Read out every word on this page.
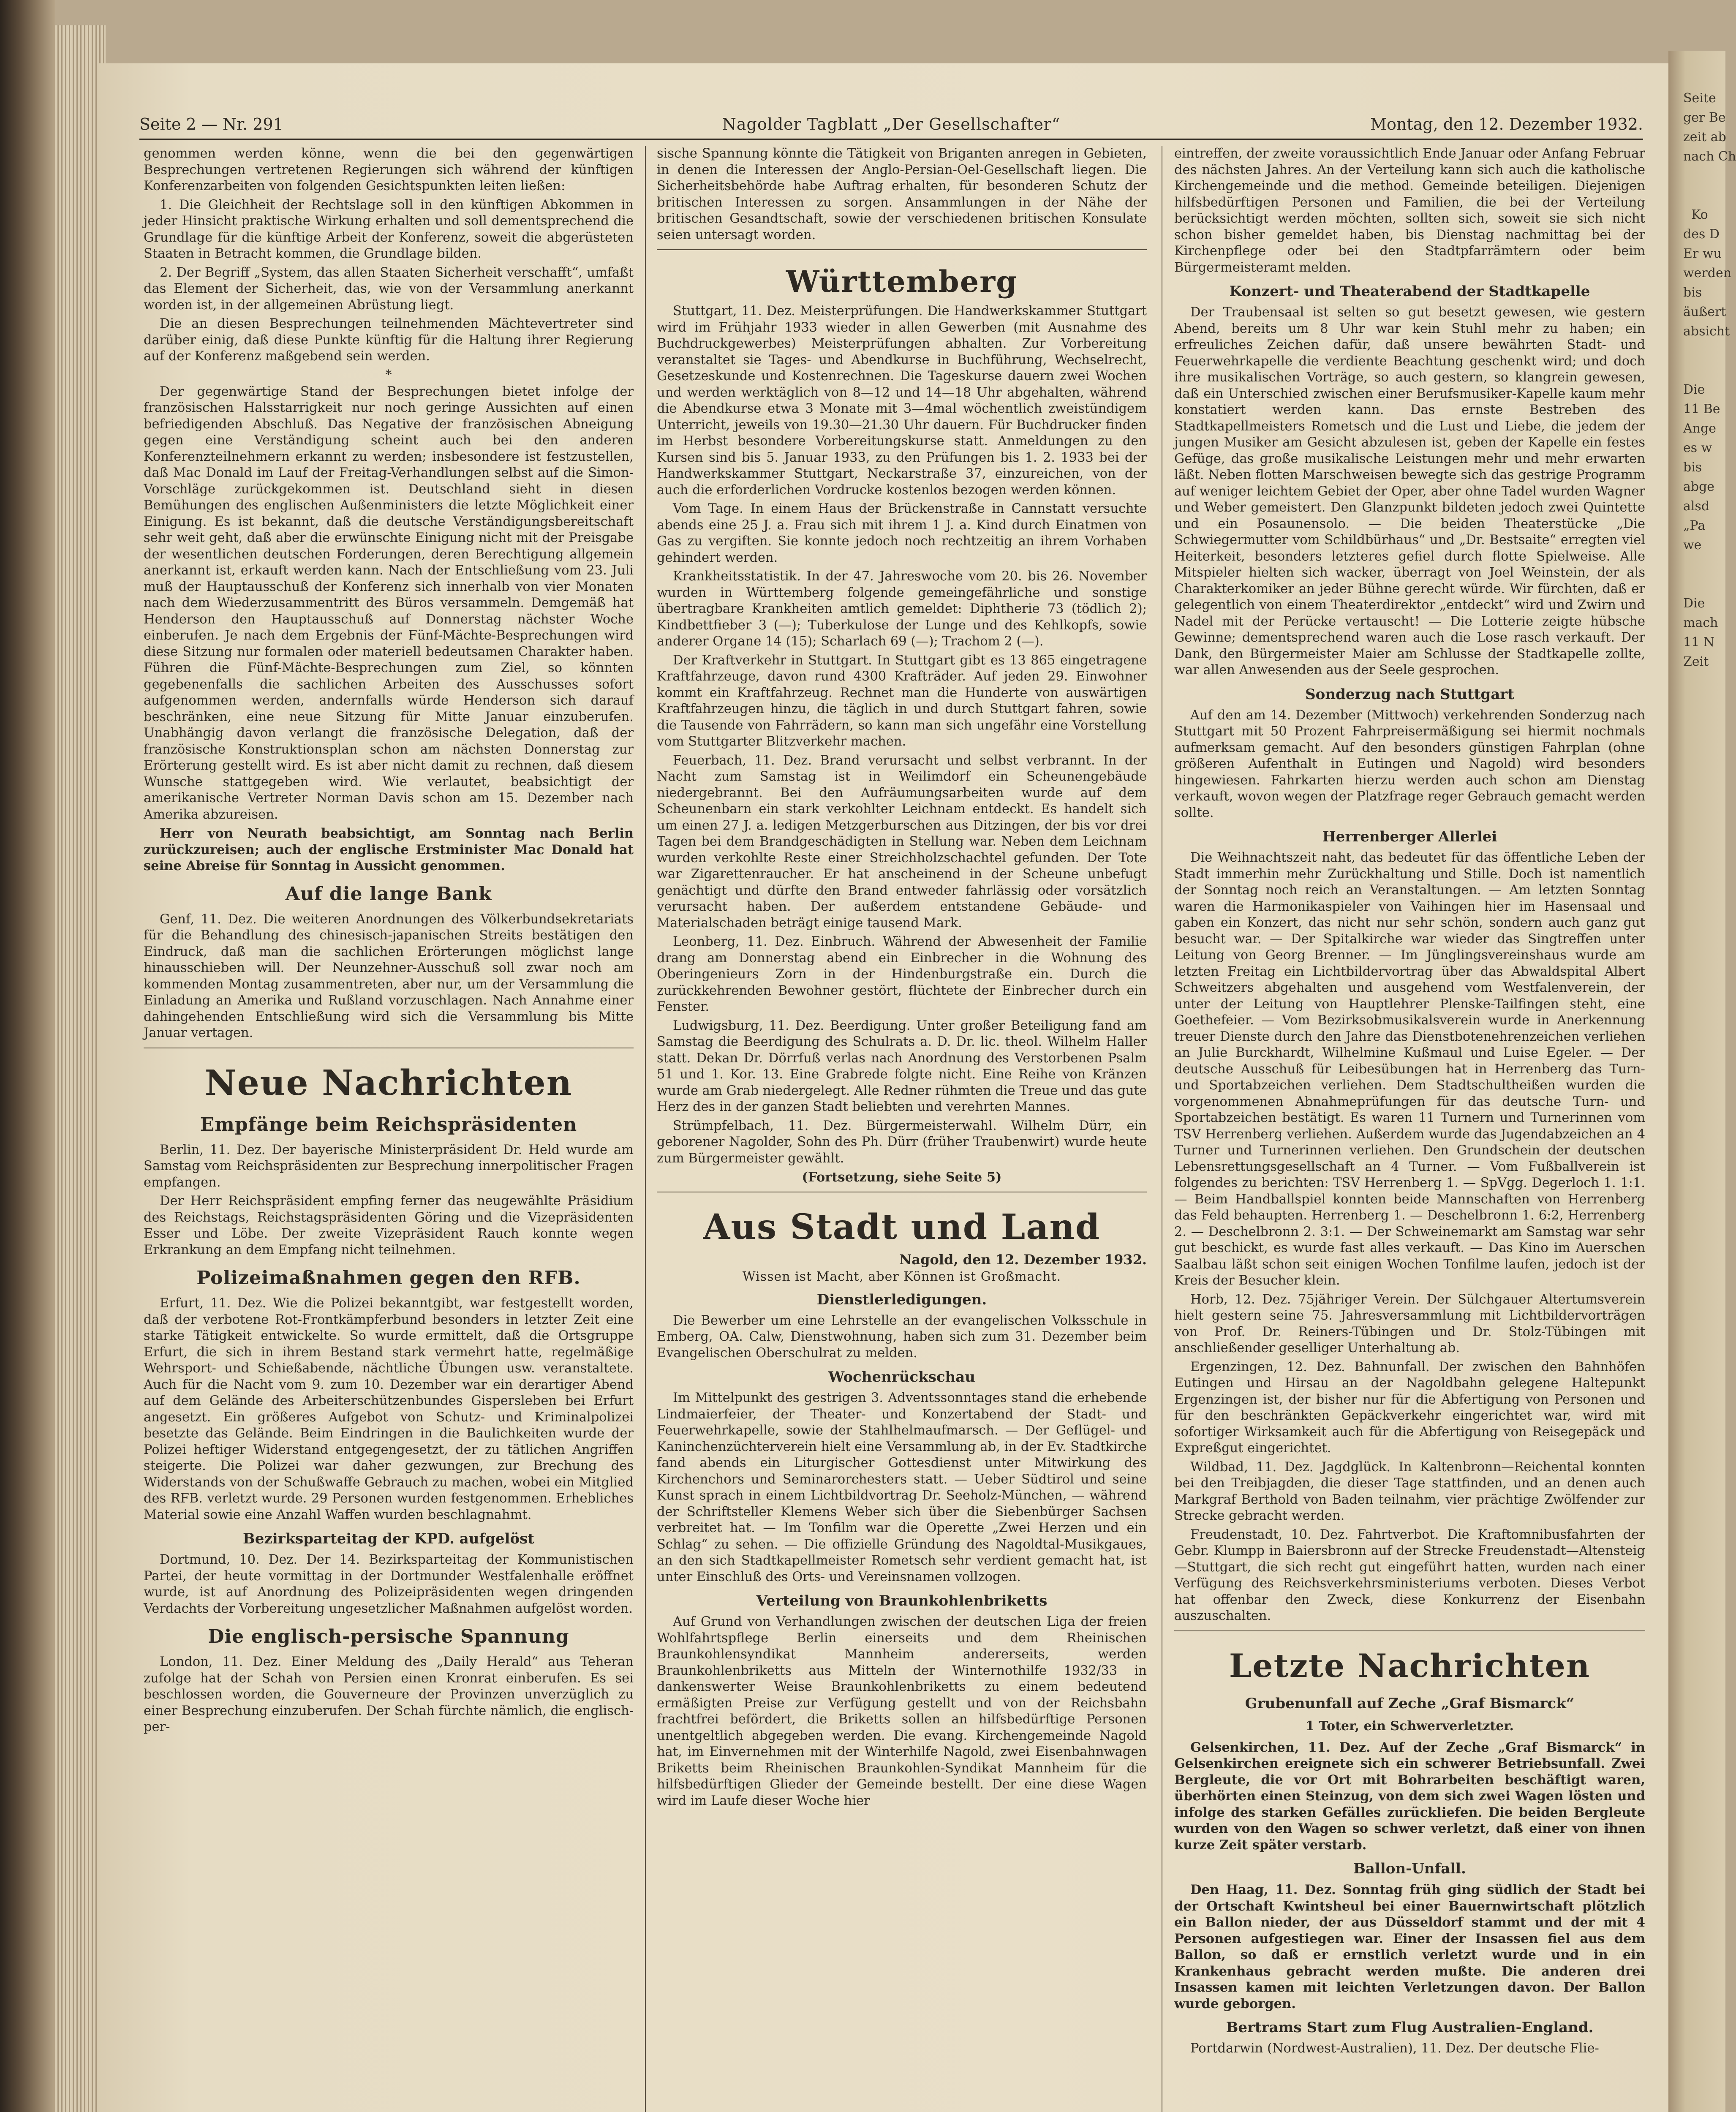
Seite
ger Be
zeit ab
nach Ch

Ko
des D
Er wu
werden
bis
äußert
absicht

Die
11 Be
Ange
es w
bis
abge
alsd
„Pa
we

Die
mach
11 N
Zeit
Nagolder Tagblatt „Der Gesellschafter“
Seite 2 — Nr. 291	Montag, den 12. Dezember 1932.

genommen werden könne, wenn die bei den gegenwärtigen Besprechungen vertretenen Regierungen sich während der künftigen Konferenzarbeiten von folgenden Gesichtspunkten leiten ließen:

1. Die Gleichheit der Rechtslage soll in den künftigen Abkommen in jeder Hinsicht praktische Wirkung erhalten und soll dementsprechend die Grundlage für die künftige Arbeit der Konferenz, soweit die abgerüsteten Staaten in Betracht kommen, die Grundlage bilden.

2. Der Begriff „System, das allen Staaten Sicherheit verschafft“, umfaßt das Element der Sicherheit, das, wie von der Versammlung anerkannt worden ist, in der allgemeinen Abrüstung liegt.

Die an diesen Besprechungen teilnehmenden Mächtevertreter sind darüber einig, daß diese Punkte künftig für die Haltung ihrer Regierung auf der Konferenz maßgebend sein werden.

*

Der gegenwärtige Stand der Besprechungen bietet infolge der französischen Halsstarrigkeit nur noch geringe Aussichten auf einen befriedigenden Abschluß. Das Negative der französischen Abneigung gegen eine Verständigung scheint auch bei den anderen Konferenzteilnehmern erkannt zu werden; insbesondere ist festzustellen, daß Mac Donald im Lauf der Freitag-Verhandlungen selbst auf die Simon-Vorschläge zurückgekommen ist. Deutschland sieht in diesen Bemühungen des englischen Außenministers die letzte Möglichkeit einer Einigung. Es ist bekannt, daß die deutsche Verständigungsbereitschaft sehr weit geht, daß aber die erwünschte Einigung nicht mit der Preisgabe der wesentlichen deutschen Forderungen, deren Berechtigung allgemein anerkannt ist, erkauft werden kann. Nach der Entschließung vom 23. Juli muß der Hauptausschuß der Konferenz sich innerhalb von vier Monaten nach dem Wiederzusammentritt des Büros versammeln. Demgemäß hat Henderson den Hauptausschuß auf Donnerstag nächster Woche einberufen. Je nach dem Ergebnis der Fünf-Mächte-Besprechungen wird diese Sitzung nur formalen oder materiell bedeutsamen Charakter haben. Führen die Fünf-Mächte-Besprechungen zum Ziel, so könnten gegebenenfalls die sachlichen Arbeiten des Ausschusses sofort aufgenommen werden, andernfalls würde Henderson sich darauf beschränken, eine neue Sitzung für Mitte Januar einzuberufen. Unabhängig davon verlangt die französische Delegation, daß der französische Konstruktionsplan schon am nächsten Donnerstag zur Erörterung gestellt wird. Es ist aber nicht damit zu rechnen, daß diesem Wunsche stattgegeben wird. Wie verlautet, beabsichtigt der amerikanische Vertreter Norman Davis schon am 15. Dezember nach Amerika abzureisen.

Herr von Neurath beabsichtigt, am Sonntag nach Berlin zurückzureisen; auch der englische Erstminister Mac Donald hat seine Abreise für Sonntag in Aussicht genommen.

Auf die lange Bank

Genf, 11. Dez. Die weiteren Anordnungen des Völkerbundsekretariats für die Behandlung des chinesisch-japanischen Streits bestätigen den Eindruck, daß man die sachlichen Erörterungen möglichst lange hinausschieben will. Der Neunzehner-Ausschuß soll zwar noch am kommenden Montag zusammentreten, aber nur, um der Versammlung die Einladung an Amerika und Rußland vorzuschlagen. Nach Annahme einer dahingehenden Entschließung wird sich die Versammlung bis Mitte Januar vertagen.

Neue Nachrichten
Empfänge beim Reichspräsidenten

Berlin, 11. Dez. Der bayerische Ministerpräsident Dr. Held wurde am Samstag vom Reichspräsidenten zur Besprechung innerpolitischer Fragen empfangen.

Der Herr Reichspräsident empfing ferner das neugewählte Präsidium des Reichstags, Reichstagspräsidenten Göring und die Vizepräsidenten Esser und Löbe. Der zweite Vizepräsident Rauch konnte wegen Erkrankung an dem Empfang nicht teilnehmen.

Polizeimaßnahmen gegen den RFB.

Erfurt, 11. Dez. Wie die Polizei bekanntgibt, war festgestellt worden, daß der verbotene Rot-Frontkämpferbund besonders in letzter Zeit eine starke Tätigkeit entwickelte. So wurde ermittelt, daß die Ortsgruppe Erfurt, die sich in ihrem Bestand stark vermehrt hatte, regelmäßige Wehrsport- und Schießabende, nächtliche Übungen usw. veranstaltete. Auch für die Nacht vom 9. zum 10. Dezember war ein derartiger Abend auf dem Gelände des Arbeiterschützenbundes Gispersleben bei Erfurt angesetzt. Ein größeres Aufgebot von Schutz- und Kriminalpolizei besetzte das Gelände. Beim Eindringen in die Baulichkeiten wurde der Polizei heftiger Widerstand entgegengesetzt, der zu tätlichen Angriffen steigerte. Die Polizei war daher gezwungen, zur Brechung des Widerstands von der Schußwaffe Gebrauch zu machen, wobei ein Mitglied des RFB. verletzt wurde. 29 Personen wurden festgenommen. Erhebliches Material sowie eine Anzahl Waffen wurden beschlagnahmt.

Bezirksparteitag der KPD. aufgelöst

Dortmund, 10. Dez. Der 14. Bezirksparteitag der Kommunistischen Partei, der heute vormittag in der Dortmunder Westfalenhalle eröffnet wurde, ist auf Anordnung des Polizeipräsidenten wegen dringenden Verdachts der Vorbereitung ungesetzlicher Maßnahmen aufgelöst worden.

Die englisch-persische Spannung

London, 11. Dez. Einer Meldung des „Daily Herald“ aus Teheran zufolge hat der Schah von Persien einen Kronrat einberufen. Es sei beschlossen worden, die Gouverneure der Provinzen unverzüglich zu einer Besprechung einzuberufen. Der Schah fürchte nämlich, die englisch-per-

sische Spannung könnte die Tätigkeit von Briganten anregen in Gebieten, in denen die Interessen der Anglo-Persian-Oel-Gesellschaft liegen. Die Sicherheitsbehörde habe Auftrag erhalten, für besonderen Schutz der britischen Interessen zu sorgen. Ansammlungen in der Nähe der britischen Gesandtschaft, sowie der verschiedenen britischen Konsulate seien untersagt worden.

Württemberg

Stuttgart, 11. Dez. Meisterprüfungen. Die Handwerkskammer Stuttgart wird im Frühjahr 1933 wieder in allen Gewerben (mit Ausnahme des Buchdruckgewerbes) Meisterprüfungen abhalten. Zur Vorbereitung veranstaltet sie Tages- und Abendkurse in Buchführung, Wechselrecht, Gesetzeskunde und Kostenrechnen. Die Tageskurse dauern zwei Wochen und werden werktäglich von 8—12 und 14—18 Uhr abgehalten, während die Abendkurse etwa 3 Monate mit 3—4mal wöchentlich zweistündigem Unterricht, jeweils von 19.30—21.30 Uhr dauern. Für Buchdrucker finden im Herbst besondere Vorbereitungskurse statt. Anmeldungen zu den Kursen sind bis 5. Januar 1933, zu den Prüfungen bis 1. 2. 1933 bei der Handwerkskammer Stuttgart, Neckarstraße 37, einzureichen, von der auch die erforderlichen Vordrucke kostenlos bezogen werden können.

Vom Tage. In einem Haus der Brückenstraße in Cannstatt versuchte abends eine 25 J. a. Frau sich mit ihrem 1 J. a. Kind durch Einatmen von Gas zu vergiften. Sie konnte jedoch noch rechtzeitig an ihrem Vorhaben gehindert werden.

Krankheitsstatistik. In der 47. Jahreswoche vom 20. bis 26. November wurden in Württemberg folgende gemeingefährliche und sonstige übertragbare Krankheiten amtlich gemeldet: Diphtherie 73 (tödlich 2); Kindbettfieber 3 (—); Tuberkulose der Lunge und des Kehlkopfs, sowie anderer Organe 14 (15); Scharlach 69 (—); Trachom 2 (—).

Der Kraftverkehr in Stuttgart. In Stuttgart gibt es 13 865 eingetragene Kraftfahrzeuge, davon rund 4300 Krafträder. Auf jeden 29. Einwohner kommt ein Kraftfahrzeug. Rechnet man die Hunderte von auswärtigen Kraftfahrzeugen hinzu, die täglich in und durch Stuttgart fahren, sowie die Tausende von Fahrrädern, so kann man sich ungefähr eine Vorstellung vom Stuttgarter Blitzverkehr machen.

Feuerbach, 11. Dez. Brand verursacht und selbst verbrannt. In der Nacht zum Samstag ist in Weilimdorf ein Scheunengebäude niedergebrannt. Bei den Aufräumungsarbeiten wurde auf dem Scheunenbarn ein stark verkohlter Leichnam entdeckt. Es handelt sich um einen 27 J. a. ledigen Metzgerburschen aus Ditzingen, der bis vor drei Tagen bei dem Brandgeschädigten in Stellung war. Neben dem Leichnam wurden verkohlte Reste einer Streichholzschachtel gefunden. Der Tote war Zigarettenraucher. Er hat anscheinend in der Scheune unbefugt genächtigt und dürfte den Brand entweder fahrlässig oder vorsätzlich verursacht haben. Der außerdem entstandene Gebäude- und Materialschaden beträgt einige tausend Mark.

Leonberg, 11. Dez. Einbruch. Während der Abwesenheit der Familie drang am Donnerstag abend ein Einbrecher in die Wohnung des Oberingenieurs Zorn in der Hindenburgstraße ein. Durch die zurückkehrenden Bewohner gestört, flüchtete der Einbrecher durch ein Fenster.

Ludwigsburg, 11. Dez. Beerdigung. Unter großer Beteiligung fand am Samstag die Beerdigung des Schulrats a. D. Dr. lic. theol. Wilhelm Haller statt. Dekan Dr. Dörrfuß verlas nach Anordnung des Verstorbenen Psalm 51 und 1. Kor. 13. Eine Grabrede folgte nicht. Eine Reihe von Kränzen wurde am Grab niedergelegt. Alle Redner rühmten die Treue und das gute Herz des in der ganzen Stadt beliebten und verehrten Mannes.

Strümpfelbach, 11. Dez. Bürgermeisterwahl. Wilhelm Dürr, ein geborener Nagolder, Sohn des Ph. Dürr (früher Traubenwirt) wurde heute zum Bürgermeister gewählt.

(Fortsetzung, siehe Seite 5)

Aus Stadt und Land
Nagold, den 12. Dezember 1932.
Wissen ist Macht, aber Können ist Großmacht.
Dienstlerledigungen.

Die Bewerber um eine Lehrstelle an der evangelischen Volksschule in Emberg, OA. Calw, Dienstwohnung, haben sich zum 31. Dezember beim Evangelischen Oberschulrat zu melden.

Wochenrückschau

Im Mittelpunkt des gestrigen 3. Adventssonntages stand die erhebende Lindmaierfeier, der Theater- und Konzertabend der Stadt- und Feuerwehrkapelle, sowie der Stahlhelmaufmarsch. — Der Geflügel- und Kaninchenzüchterverein hielt eine Versammlung ab, in der Ev. Stadtkirche fand abends ein Liturgischer Gottesdienst unter Mitwirkung des Kirchenchors und Seminarorchesters statt. — Ueber Südtirol und seine Kunst sprach in einem Lichtbildvortrag Dr. Seeholz-München, — während der Schriftsteller Klemens Weber sich über die Siebenbürger Sachsen verbreitet hat. — Im Tonfilm war die Operette „Zwei Herzen und ein Schlag“ zu sehen. — Die offizielle Gründung des Nagoldtal-Musikgaues, an den sich Stadtkapellmeister Rometsch sehr verdient gemacht hat, ist unter Einschluß des Orts- und Vereinsnamen vollzogen.

Verteilung von Braunkohlenbriketts

Auf Grund von Verhandlungen zwischen der deutschen Liga der freien Wohlfahrtspflege Berlin einerseits und dem Rheinischen Braunkohlensyndikat Mannheim andererseits, werden Braunkohlenbriketts aus Mitteln der Winternothilfe 1932/33 in dankenswerter Weise Braunkohlenbriketts zu einem bedeutend ermäßigten Preise zur Verfügung gestellt und von der Reichsbahn frachtfrei befördert, die Briketts sollen an hilfsbedürftige Personen unentgeltlich abgegeben werden. Die evang. Kirchengemeinde Nagold hat, im Einvernehmen mit der Winterhilfe Nagold, zwei Eisenbahnwagen Briketts beim Rheinischen Braunkohlen-Syndikat Mannheim für die hilfsbedürftigen Glieder der Gemeinde bestellt. Der eine diese Wagen wird im Laufe dieser Woche hier

eintreffen, der zweite voraussichtlich Ende Januar oder Anfang Februar des nächsten Jahres. An der Verteilung kann sich auch die katholische Kirchengemeinde und die method. Gemeinde beteiligen. Diejenigen hilfsbedürftigen Personen und Familien, die bei der Verteilung berücksichtigt werden möchten, sollten sich, soweit sie sich nicht schon bisher gemeldet haben, bis Dienstag nachmittag bei der Kirchenpflege oder bei den Stadtpfarrämtern oder beim Bürgermeisteramt melden.

Konzert- und Theaterabend der Stadtkapelle

Der Traubensaal ist selten so gut besetzt gewesen, wie gestern Abend, bereits um 8 Uhr war kein Stuhl mehr zu haben; ein erfreuliches Zeichen dafür, daß unsere bewährten Stadt- und Feuerwehrkapelle die verdiente Beachtung geschenkt wird; und doch ihre musikalischen Vorträge, so auch gestern, so klangrein gewesen, daß ein Unterschied zwischen einer Berufsmusiker-Kapelle kaum mehr konstatiert werden kann. Das ernste Bestreben des Stadtkapellmeisters Rometsch und die Lust und Liebe, die jedem der jungen Musiker am Gesicht abzulesen ist, geben der Kapelle ein festes Gefüge, das große musikalische Leistungen mehr und mehr erwarten läßt. Neben flotten Marschweisen bewegte sich das gestrige Programm auf weniger leichtem Gebiet der Oper, aber ohne Tadel wurden Wagner und Weber gemeistert. Den Glanzpunkt bildeten jedoch zwei Quintette und ein Posaunensolo. — Die beiden Theaterstücke „Die Schwiegermutter vom Schildbürhaus“ und „Dr. Bestsaite“ erregten viel Heiterkeit, besonders letzteres gefiel durch flotte Spielweise. Alle Mitspieler hielten sich wacker, überragt von Joel Weinstein, der als Charakterkomiker an jeder Bühne gerecht würde. Wir fürchten, daß er gelegentlich von einem Theaterdirektor „entdeckt“ wird und Zwirn und Nadel mit der Perücke vertauscht! — Die Lotterie zeigte hübsche Gewinne; dementsprechend waren auch die Lose rasch verkauft. Der Dank, den Bürgermeister Maier am Schlusse der Stadtkapelle zollte, war allen Anwesenden aus der Seele gesprochen.

Sonderzug nach Stuttgart

Auf den am 14. Dezember (Mittwoch) verkehrenden Sonderzug nach Stuttgart mit 50 Prozent Fahrpreisermäßigung sei hiermit nochmals aufmerksam gemacht. Auf den besonders günstigen Fahrplan (ohne größeren Aufenthalt in Eutingen und Nagold) wird besonders hingewiesen. Fahrkarten hierzu werden auch schon am Dienstag verkauft, wovon wegen der Platzfrage reger Gebrauch gemacht werden sollte.

Herrenberger Allerlei

Die Weihnachtszeit naht, das bedeutet für das öffentliche Leben der Stadt immerhin mehr Zurückhaltung und Stille. Doch ist namentlich der Sonntag noch reich an Veranstaltungen. — Am letzten Sonntag waren die Harmonikaspieler von Vaihingen hier im Hasensaal und gaben ein Konzert, das nicht nur sehr schön, sondern auch ganz gut besucht war. — Der Spitalkirche war wieder das Singtreffen unter Leitung von Georg Brenner. — Im Jünglingsvereinshaus wurde am letzten Freitag ein Lichtbildervortrag über das Abwaldspital Albert Schweitzers abgehalten und ausgehend vom Westfalenverein, der unter der Leitung von Hauptlehrer Plenske-Tailfingen steht, eine Goethefeier. — Vom Bezirksobmusikalsverein wurde in Anerkennung treuer Dienste durch den Jahre das Dienstbotenehrenzeichen verliehen an Julie Burckhardt, Wilhelmine Kußmaul und Luise Egeler. — Der deutsche Ausschuß für Leibesübungen hat in Herrenberg das Turn- und Sportabzeichen verliehen. Dem Stadtschultheißen wurden die vorgenommenen Abnahmeprüfungen für das deutsche Turn- und Sportabzeichen bestätigt. Es waren 11 Turnern und Turnerinnen vom TSV Herrenberg verliehen. Außerdem wurde das Jugendabzeichen an 4 Turner und Turnerinnen verliehen. Den Grundschein der deutschen Lebensrettungsgesellschaft an 4 Turner. — Vom Fußballverein ist folgendes zu berichten: TSV Herrenberg 1. — SpVgg. Degerloch 1. 1:1. — Beim Handballspiel konnten beide Mannschaften von Herrenberg das Feld behaupten. Herrenberg 1. — Deschelbronn 1. 6:2, Herrenberg 2. — Deschelbronn 2. 3:1. — Der Schweinemarkt am Samstag war sehr gut beschickt, es wurde fast alles verkauft. — Das Kino im Auerschen Saalbau läßt schon seit einigen Wochen Tonfilme laufen, jedoch ist der Kreis der Besucher klein.

Horb, 12. Dez. 75jähriger Verein. Der Sülchgauer Altertumsverein hielt gestern seine 75. Jahresversammlung mit Lichtbildervorträgen von Prof. Dr. Reiners-Tübingen und Dr. Stolz-Tübingen mit anschließender geselliger Unterhaltung ab.

Ergenzingen, 12. Dez. Bahnunfall. Der zwischen den Bahnhöfen Eutingen und Hirsau an der Nagoldbahn gelegene Haltepunkt Ergenzingen ist, der bisher nur für die Abfertigung von Personen und für den beschränkten Gepäckverkehr eingerichtet war, wird mit sofortiger Wirksamkeit auch für die Abfertigung von Reisegepäck und Expreßgut eingerichtet.

Wildbad, 11. Dez. Jagdglück. In Kaltenbronn—Reichental konnten bei den Treibjagden, die dieser Tage stattfinden, und an denen auch Markgraf Berthold von Baden teilnahm, vier prächtige Zwölfender zur Strecke gebracht werden.

Freudenstadt, 10. Dez. Fahrtverbot. Die Kraftomnibusfahrten der Gebr. Klumpp in Baiersbronn auf der Strecke Freudenstadt—Altensteig—Stuttgart, die sich recht gut eingeführt hatten, wurden nach einer Verfügung des Reichsverkehrsministeriums verboten. Dieses Verbot hat offenbar den Zweck, diese Konkurrenz der Eisenbahn auszuschalten.

Letzte Nachrichten
Grubenunfall auf Zeche „Graf Bismarck“
1 Toter, ein Schwerverletzter.

Gelsenkirchen, 11. Dez. Auf der Zeche „Graf Bismarck“ in Gelsenkirchen ereignete sich ein schwerer Betriebsunfall. Zwei Bergleute, die vor Ort mit Bohrarbeiten beschäftigt waren, überhörten einen Steinzug, von dem sich zwei Wagen lösten und infolge des starken Gefälles zurückliefen. Die beiden Bergleute wurden von den Wagen so schwer verletzt, daß einer von ihnen kurze Zeit später verstarb.

Ballon-Unfall.

Den Haag, 11. Dez. Sonntag früh ging südlich der Stadt bei der Ortschaft Kwintsheul bei einer Bauernwirtschaft plötzlich ein Ballon nieder, der aus Düsseldorf stammt und der mit 4 Personen aufgestiegen war. Einer der Insassen fiel aus dem Ballon, so daß er ernstlich verletzt wurde und in ein Krankenhaus gebracht werden mußte. Die anderen drei Insassen kamen mit leichten Verletzungen davon. Der Ballon wurde geborgen.

Bertrams Start zum Flug Australien-England.

Portdarwin (Nordwest-Australien), 11. Dez. Der deutsche Flie-
